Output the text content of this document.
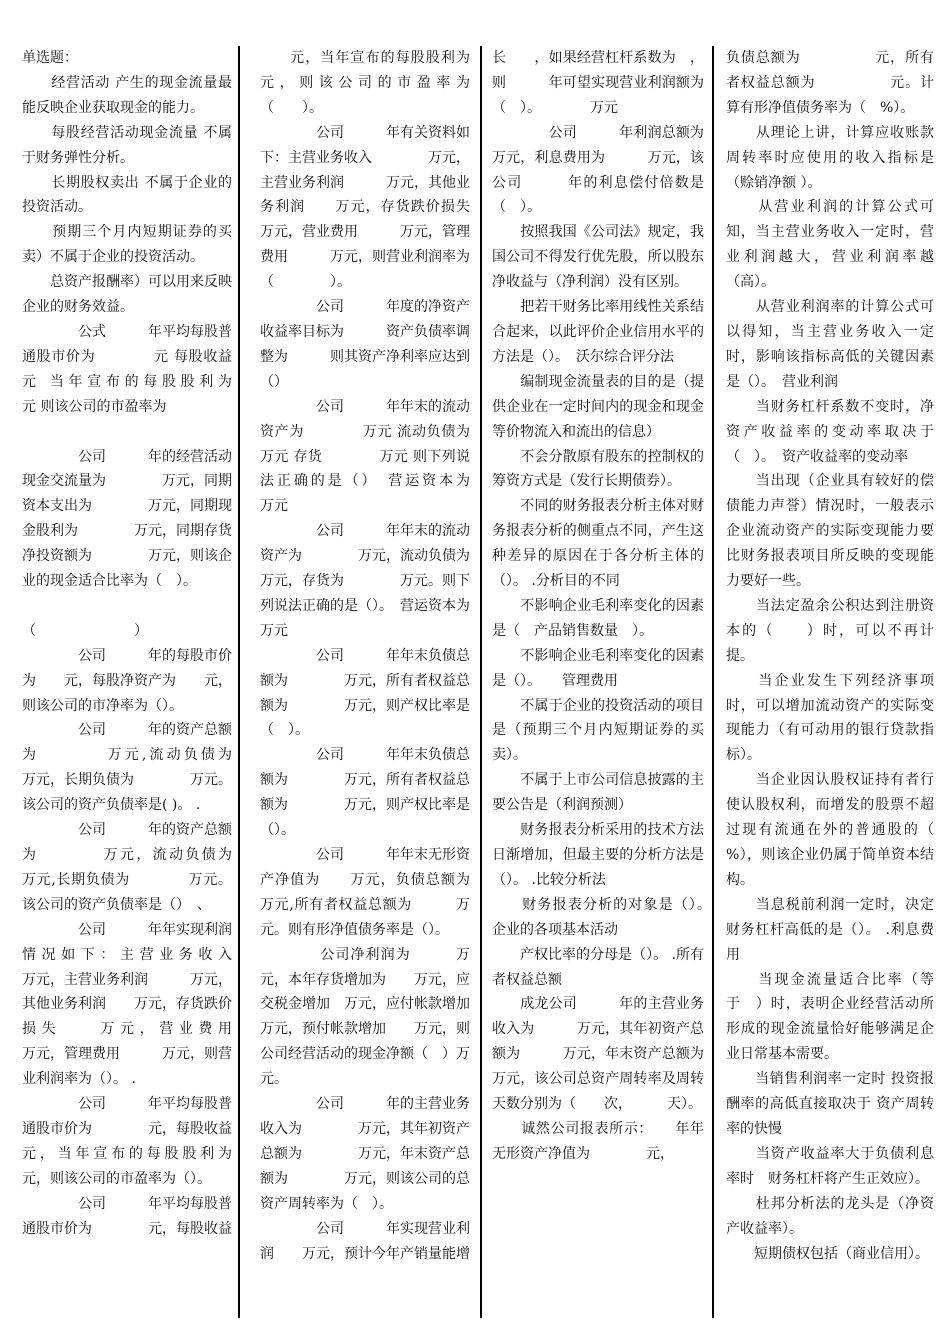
单选题：

　　经营活动 产生的现金流量最能反映企业获取现金的能力。

　　每股经营活动现金流量 不属于财务弹性分析。

　　长期股权卖出 不属于企业的投资活动。

　　预期三个月内短期证券的买卖）不属于企业的投资活动。

　　总资产报酬率）可以用来反映企业的财务效益。

　　　　公式　　　年平均每股普通股市价为　　　　元 每股收益　　　元 当年宣布的每股股利为　　　　元 则该公司的市盈率为

　　　　公司　　　年的经营活动现金交流量为　　　　万元，同期资本支出为　　　　万元，同期现金股利为　　　　万元，同期存货净投资额为　　　　万元，则该企业的现金适合比率为（　）。

（　　　　　　　）

　　　　公司　　　年的每股市价为　　元，每股净资产为　　元，则该公司的市净率为（）。

　　　　公司　　　年的资产总额为　　　　万元,流动负债为　　　万元，长期负债为　　　　万元。该公司的资产负债率是( )。 .

　　　　公司　　　年的资产总额为　　　　万元，流动负债为　　　万元,长期负债为　　　　万元。该公司的资产负债率是（）　、

　　　　公司　　　年年实现利润情况如下：主营业务收入　　　　万元，主营业务利润　　　万元，其他业务利润　　万元，存货跌价损失　　万元，营业费用　　　　万元，管理费用　　　万元，则营业利润率为（）。 .

　　　　公司　　　年平均每股普通股市价为　　　　元，每股收益　　　元，当年宣布的每股股利为　　　　元，则该公司的市盈率为（）。

　　　　公司　　　年平均每股普通股市价为　　　　元，每股收益

　　元，当年宣布的每股股利为　　　　元，则该公司的市盈率为（　　）。

　　　　公司　　　年有关资料如下：主营业务收入　　　　万元，主营业务利润　　　万元，其他业务利润　　万元，存货跌价损失　　万元，营业费用　　　万元，管理费用　　　万元，则营业利润率为（　　　　）。

　　　　公司　　　年度的净资产收益率目标为　　　资产负债率调整为　　　则其资产净利率应达到（）

　　　　公司　　　年年末的流动资产为　　　　万元 流动负债为　　　　万元 存货　　　　万元 则下列说法正确的是（）　营运资本为　　　　万元

　　　　公司　　　年年末的流动资产为　　　　万元，流动负债为　　　　万元，存货为　　　　万元。则下列说法正确的是（）。　营运资本为　　　　万元

　　　　公司　　　年年末负债总额为　　　　万元，所有者权益总额为　　　　万元，则产权比率是（　）。

　　　　公司　　　年年末负债总额为　　　　万元，所有者权益总额为　　　　万元，则产权比率是（）。

　　　　公司　　　年年末无形资产净值为　　万元，负债总额为　　　万元,所有者权益总额为　　　万元。则有形净值债务率是（）。

　　　　公司净利润为　　　万元，本年存货增加为　　万元，应交税金增加　万元，应付帐款增加　　万元，预付帐款增加　　万元，则　公司经营活动的现金净额（　）万元。

　　　　公司　　　年的主营业务收入为　　　　万元，其年初资产总额为　　　　万元，年末资产总额为　　　　万元，则该公司的总资产周转率为（　）。

　　　　公司　　　年实现营业利润　　万元，预计今年产销量能增

长　　，如果经营杠杆系数为　，则　　　年可望实现营业利润额为（　）。　　　　万元

　　　　公司　　　年利润总额为　　　　万元，利息费用为　　　万元，该公司　　　年的利息偿付倍数是（　）。

　　按照我国《公司法》规定，我国公司不得发行优先股，所以股东净收益与（净利润）没有区别。

　　把若干财务比率用线性关系结合起来，以此评价企业信用水平的方法是（）。　沃尔综合评分法

　　编制现金流量表的目的是（提供企业在一定时间内的现金和现金等价物流入和流出的信息）

　　不会分散原有股东的控制权的筹资方式是（发行长期债券）。

　　不同的财务报表分析主体对财务报表分析的侧重点不同，产生这种差异的原因在于各分析主体的（）。 .分析目的不同

　　不影响企业毛利率变化的因素是（　产品销售数量　）。

　　不影响企业毛利率变化的因素是（）。　　管理费用

　　不属于企业的投资活动的项目是（预期三个月内短期证券的买卖）。

　　不属于上市公司信息披露的主要公告是（利润预测）

　　财务报表分析采用的技术方法日渐增加，但最主要的分析方法是（）。 .比较分析法

　　财务报表分析的对象是（）。　　企业的各项基本活动

　　产权比率的分母是（）。 .所有者权益总额

　　成龙公司　　　年的主营业务收入为　　　万元，其年初资产总额为　　　万元，年末资产总额为　　　万元，该公司总资产周转率及周转天数分别为（　　次，　　　天）。

　　诚然公司报表所示：　　年年无形资产净值为　　　　元，

负债总额为　　　　　元，所有者权益总额为　　　　　元。计算有形净值债务率为（　%）。

　　从理论上讲，计算应收账款周转率时应使用的收入指标是（赊销净额 ）。

　　从营业利润的计算公式可知，当主营业务收入一定时，营业利润越大，营业利润率越（高）。

　　从营业利润率的计算公式可以得知，当主营业务收入一定时，影响该指标高低的关键因素是（）。　营业利润

　　当财务杠杆系数不变时，净资产收益率的变动率取决于（　）。　资产收益率的变动率

　　当出现（企业具有较好的偿债能力声誉）情况时，一般表示企业流动资产的实际变现能力要比财务报表项目所反映的变现能力要好一些。

　　当法定盈余公积达到注册资本的（　　）时，可以不再计提。

　　当企业发生下列经济事项时，可以增加流动资产的实际变现能力（有可动用的银行贷款指标）。

　　当企业因认股权证持有者行使认股权利，而增发的股票不超过现有流通在外的普通股的（　%），则该企业仍属于简单资本结构。

　　当息税前利润一定时，决定财务杠杆高低的是（）。 .利息费用

　　当现金流量适合比率（等于　）时，表明企业经营活动所形成的现金流量恰好能够满足企业日常基本需要。

　　当销售利润率一定时 投资报酬率的高低直接取决于 资产周转率的快慢

　　当资产收益率大于负债利息率时　财务杠杆将产生正效应）。

　　杜邦分析法的龙头是（净资产收益率）。

　　短期债权包括（商业信用）。
